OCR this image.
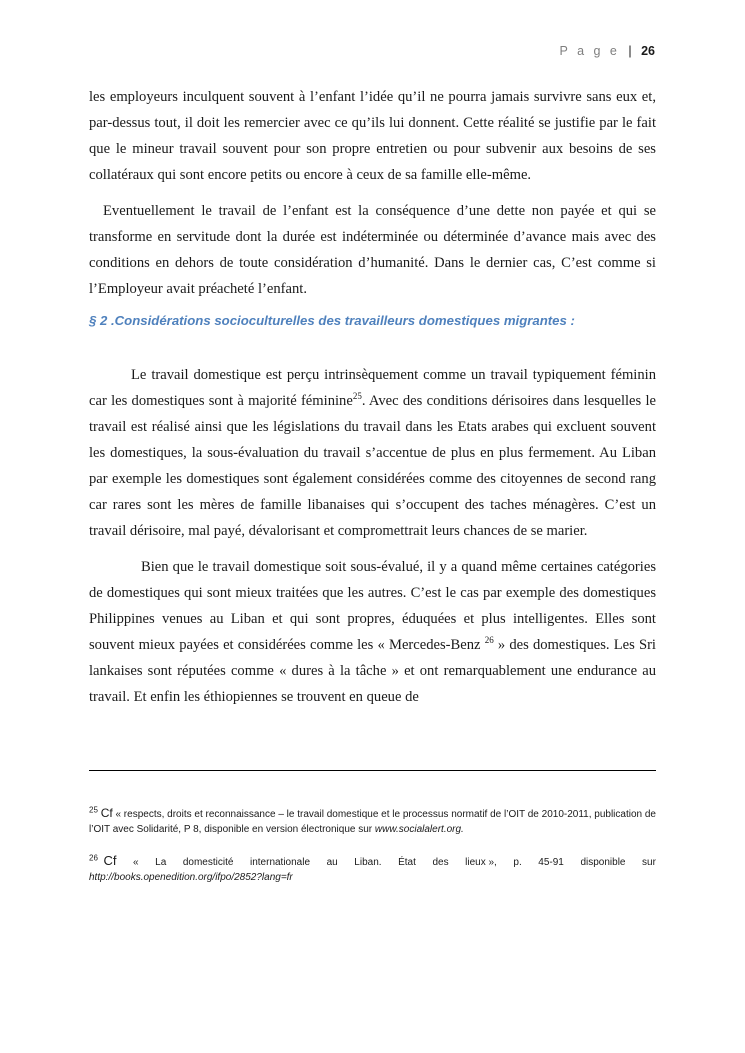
P a g e | 26

les employeurs inculquent souvent à l’enfant l’idée qu’il ne pourra jamais survivre sans eux et, par-dessus tout, il doit les remercier avec ce qu’ils lui donnent. Cette réalité se justifie par le fait que le mineur travail souvent pour son propre entretien ou pour subvenir aux besoins de ses collatéraux qui sont encore petits ou encore à ceux de sa famille elle-même.

Eventuellement le travail de l’enfant est la conséquence d’une dette non payée et qui se transforme en servitude dont la durée est indéterminée ou déterminée d’avance mais avec des conditions en dehors de toute considération d’humanité. Dans le dernier cas, C’est comme si l’Employeur avait préacheté l’enfant.

§ 2 .Considérations socioculturelles des travailleurs domestiques migrantes :

Le travail domestique est perçu intrinsèquement comme un travail typiquement féminin car les domestiques sont à majorité féminine$^{25}$. Avec des conditions dérisoires dans lesquelles le travail est réalisé ainsi que les législations du travail dans les Etats arabes qui excluent souvent les domestiques, la sous-évaluation du travail s’accentue de plus en plus fermement. Au Liban par exemple les domestiques sont également considérées comme des citoyennes de second rang car rares sont les mères de famille libanaises qui s’occupent des taches ménagères. C’est un travail dérisoire, mal payé, dévalorisant et compromettrait leurs chances de se marier.

Bien que le travail domestique soit sous-évalué, il y a quand même certaines catégories de domestiques qui sont mieux traitées que les autres. C’est le cas par exemple des domestiques Philippines venues au Liban et qui sont propres, éduquées et plus intelligentes. Elles sont souvent mieux payées et considérées comme les « Mercedes-Benz $^{26}$ » des domestiques. Les Sri lankaises sont réputées comme « dures à la tâche » et ont remarquablement une endurance au travail. Et enfin les éthiopiennes se trouvent en queue de

$^{25}$ Cf « respects, droits et reconnaissance – le travail domestique et le processus normatif de l’OIT de 2010-2011, publication de l’OIT avec Solidarité, P 8, disponible en version électronique sur www.socialalert.org.

$^{26}$ Cf « La domesticité internationale au Liban. État des lieux », p. 45-91 disponible sur
http://books.openedition.org/ifpo/2852?lang=fr
